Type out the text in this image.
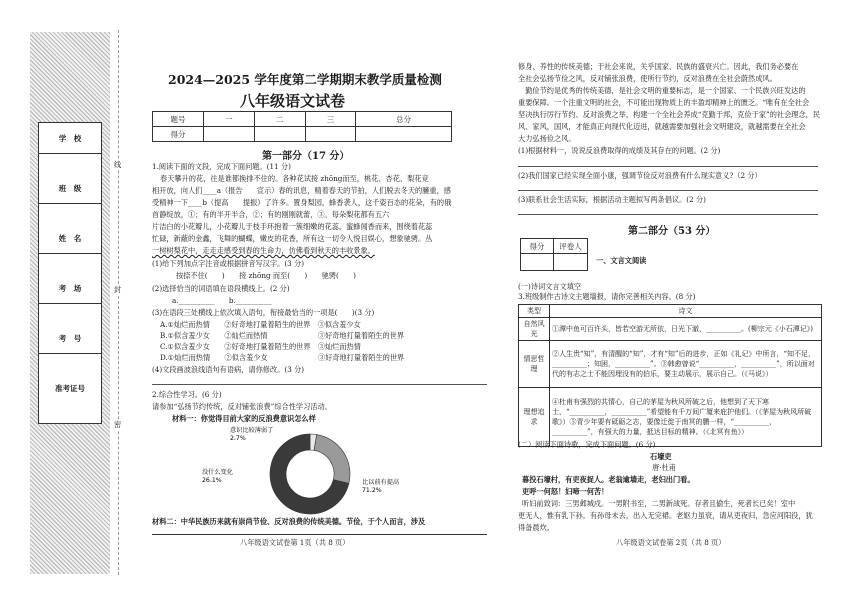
学　校
班　级
姓　名
考　场
考　号
准考证号
线
封
密
2024—2025 学年度第二学期期末教学质量检测
八年级语文试卷
题号	一	二	三	总分
得分				
第一部分（17 分）
1.阅读下面的文段，完成下面问题。(11 分)
春天攀升的花，往是谁都换排不住的。各种花试接 zhōng而至，桃花、杏花、梨花竞
相开放，向人们____a（报告　　宣示）春的讯息，精着春天的节拍，人们脱去冬天的臃重，感
受精神一下____b（提高　　提振）了许多。置身梨园，蜂香袭人，这千姿百态的花朵，有的俄
首静绽放，①；有的半开半合，②；有的刚刚就蕾，③。每朵梨花都有五六
片洁白的小花瓣儿，小花瓣儿于枝手环抱着一簇细嫩的花蕊，蜜蜂闻香而来，围绕着花蕊
忙碌，新蔽的金鑫，飞舞的蝴蝶，嫩皮的花香，所有这一切令人悦目娱心，想象驰骋。丛
一树树梨花中，走走走感受到春的生命力，仿佛看到秋天的丰收景象。
(1)给下列加点字注音或根据拼音写汉字。(3 分)
按捺不住(　　)　　接 zhōng 而至(　　)　　驰骋(　　)
(2)选择恰当的词语填在语段横线上。(2 分)
a.__________　　b.__________
(3)在语段三处横线上依次填入语句，衔接最恰当的一项是(　　)(3 分)
A.①灿烂而热情　　②好奇地打量着陌生的世界　③似含羞少女
B.①似含羞少女　　②灿烂而热情　　　　　　　③好奇地打量着陌生的世界
C.①似含羞少女　　②好奇地打量着陌生的世界　③灿烂而热情
D.①灿烂而热情　　②似含羞少女　　　　　　　③好奇地打量着陌生的世界
(4)文段画波浪线语句有语病，请你修改。(3 分)
2.综合性学习。(6 分)
请参加“弘扬节约传统，反对铺张浪费”综合性学习活动。
材料一：你觉得目前大家的反浪费意识怎么样
意识比较薄弱了
2.7%
没什么变化
26.1%	比以前有提高
71.2%
材料二：中华民族历来就有崇尚节俭、反对浪费的传统美德。节俭，于个人而言，涉及
八年级语文试卷第 1页（共 8 页）
修身、养性的传统美德；于社会来说，关乎国家、民族的盛衰兴亡。因此，我们务必要在
全社会弘扬节俭之风，反对铺张浪费，使所行节约，反对浪费在全社会蔚然成风。
　勤俭节约是优秀的传统美德，是社会文明的重要标志，是一个国家、一个民族兴旺发达的
重要保障。一个注重文明的社会，不可能出现物质上的丰盈却精神上的匮乏。“唯有在全社会
坚决执行厉行节约、反对浪费之举，构建一个全社会养成“克勤于邦，克俭于家”的社会理念，民
风、家风，国风，才能真正向现代化迈进，就越需要加强社会文明建设，就越需要在全社会
大力弘扬俭之风。
(1)根据材料一，说说反浪费取得的成绩及其存在的问题。(2 分)
(2)我们国家已经实现全面小康，强调节俭反对浪费有什么现实意义?（2 分）
(3)联系社会生活实际，根据活动主题拟写两条倡议。(2 分)
第二部分（53 分）
得分	评卷人

一、文言文阅读
(一)诗词文言文填空
3.班级制作古诗文主题墙报，请你完善相关内容。(8 分)
类型	诗文
自然风光	①潭中鱼可百许头，皆若空游无所依，日光下澈，__________。(柳宗元《小石潭记》)
情思哲理	②人生贵“知”，有清醒的“知”，才有“知”后的进步，正如《礼记》中所言，“知不足，__________；知困，__________”。③韩愈曾说“__________，__________”，所以面对代的有志之士不能因埋没有的伯乐，要主动展示，展示自己。（《马说》）
理想追求	④杜甫有强烈的共情心，自己的茅屋为秋风所破之后，他想到了天下寒士，“__________，__________”希望能有千万间广厦来庇护他们。（《茅屋为秋风所破歌》）⑤青少年要有砥砺之志，要像迁徙于南冥的鹏一样，“__________，__________”，有强大的力量，抵达目标的精神。（《北冥有鱼》）
(二）阅读下面诗歌，完成下面问题。(6 分)
石壕吏
唐·杜甫
暮投石壕村，有吏夜捉人。老翁逾墙走，老妇出门看。
吏呼一何怒！妇啼一何苦！
听妇前致词：三男邺城戍。一男附书至，二男新战死。存者且偷生，死者长已矣！室中
更无人，惟有乳下孙。有孙母未去，出入无完裙。老妪力虽衰，请从吏夜归，急应河阳役，犹
得备晨炊。
八年级语文试卷第 2页（共 8 页）
